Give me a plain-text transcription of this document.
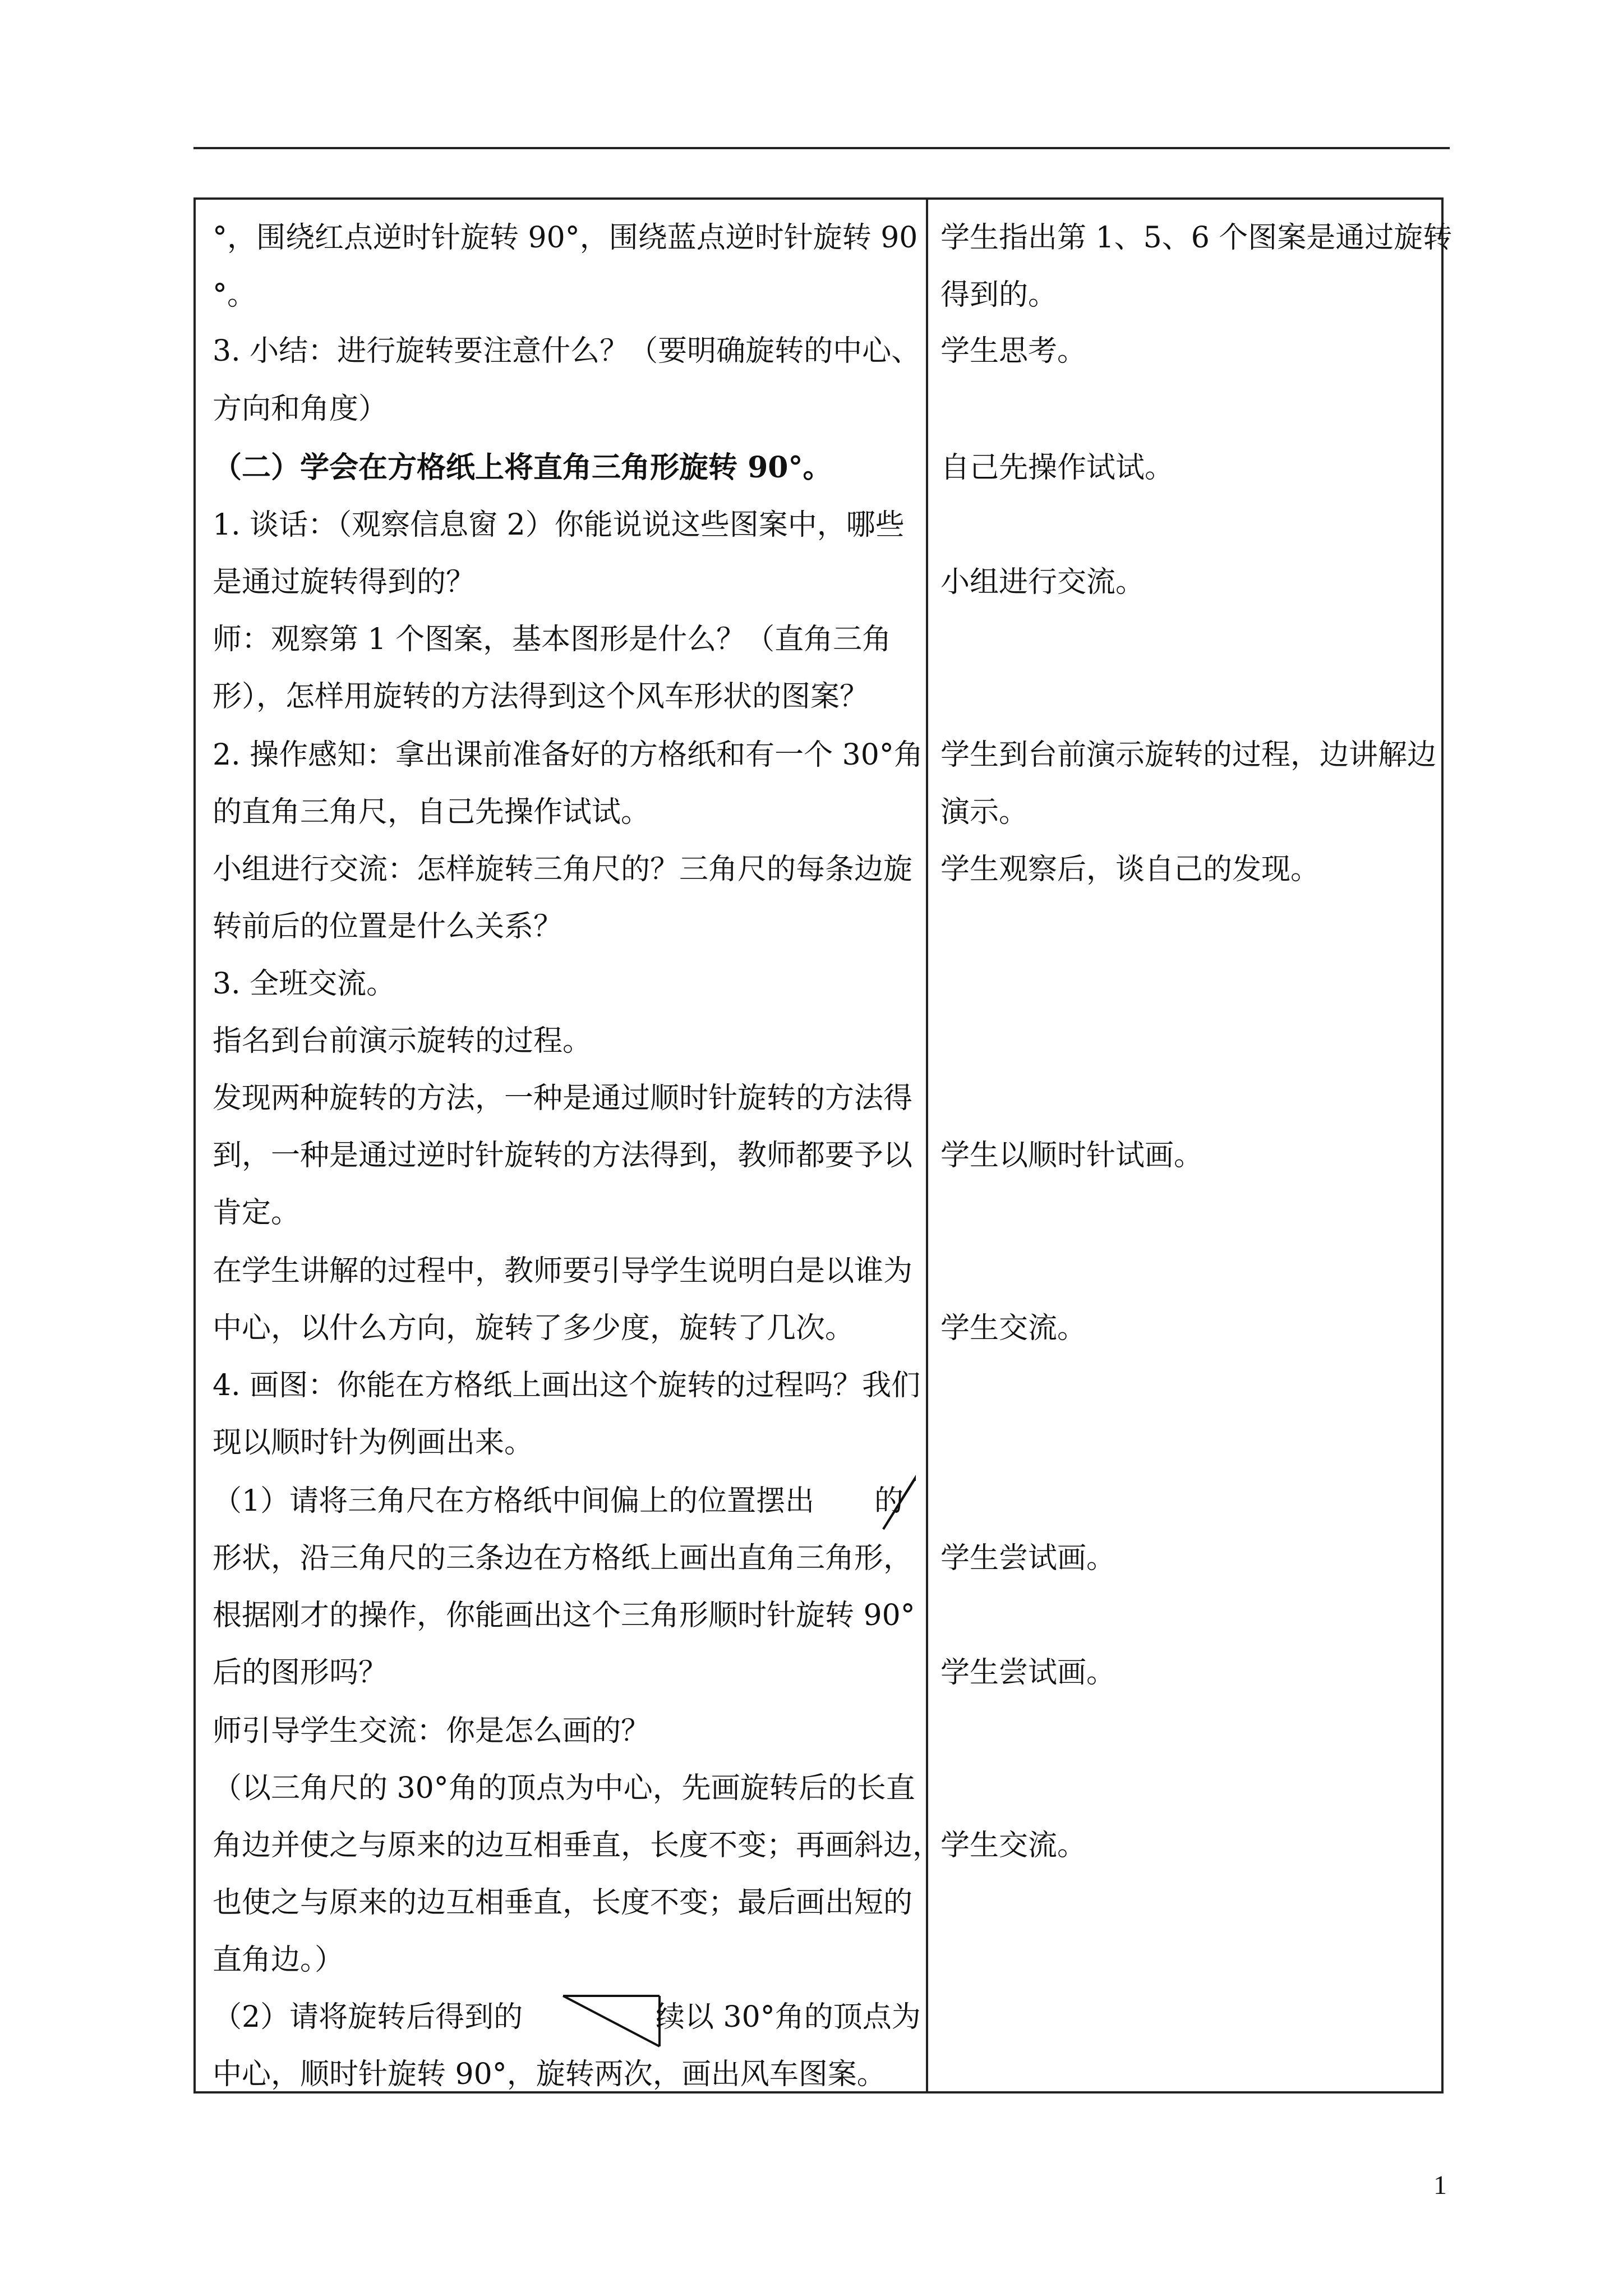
°，围绕红点逆时针旋转 90°，围绕蓝点逆时针旋转 90
°。
3. 小结：进行旋转要注意什么？（要明确旋转的中心、
方向和角度）
（二）学会在方格纸上将直角三角形旋转 90°。
1. 谈话：（观察信息窗 2）你能说说这些图案中，哪些
是通过旋转得到的？
师：观察第 1 个图案，基本图形是什么？（直角三角
形），怎样用旋转的方法得到这个风车形状的图案？
2. 操作感知：拿出课前准备好的方格纸和有一个 30°角
的直角三角尺，自己先操作试试。
小组进行交流：怎样旋转三角尺的？三角尺的每条边旋
转前后的位置是什么关系？
3. 全班交流。
指名到台前演示旋转的过程。
发现两种旋转的方法，一种是通过顺时针旋转的方法得
到，一种是通过逆时针旋转的方法得到，教师都要予以
肯定。
在学生讲解的过程中，教师要引导学生说明白是以谁为
中心，以什么方向，旋转了多少度，旋转了几次。
4. 画图：你能在方格纸上画出这个旋转的过程吗？我们
现以顺时针为例画出来。
（1）请将三角尺在方格纸中间偏上的位置摆出 的
形状，沿三角尺的三条边在方格纸上画出直角三角形，
根据刚才的操作，你能画出这个三角形顺时针旋转 90°
后的图形吗？
师引导学生交流：你是怎么画的？
（以三角尺的 30°角的顶点为中心，先画旋转后的长直
角边并使之与原来的边互相垂直，长度不变；再画斜边，
也使之与原来的边互相垂直，长度不变；最后画出短的
直角边。）
（2）请将旋转后得到的	续以 30°角的顶点为
中心，顺时针旋转 90°，旋转两次，画出风车图案。
学生指出第 1、5、6 个图案是通过旋转
得到的。
学生思考。
自己先操作试试。
小组进行交流。
学生到台前演示旋转的过程，边讲解边
演示。
学生观察后，谈自己的发现。
学生以顺时针试画。
学生交流。
学生尝试画。
学生尝试画。
学生交流。
1
